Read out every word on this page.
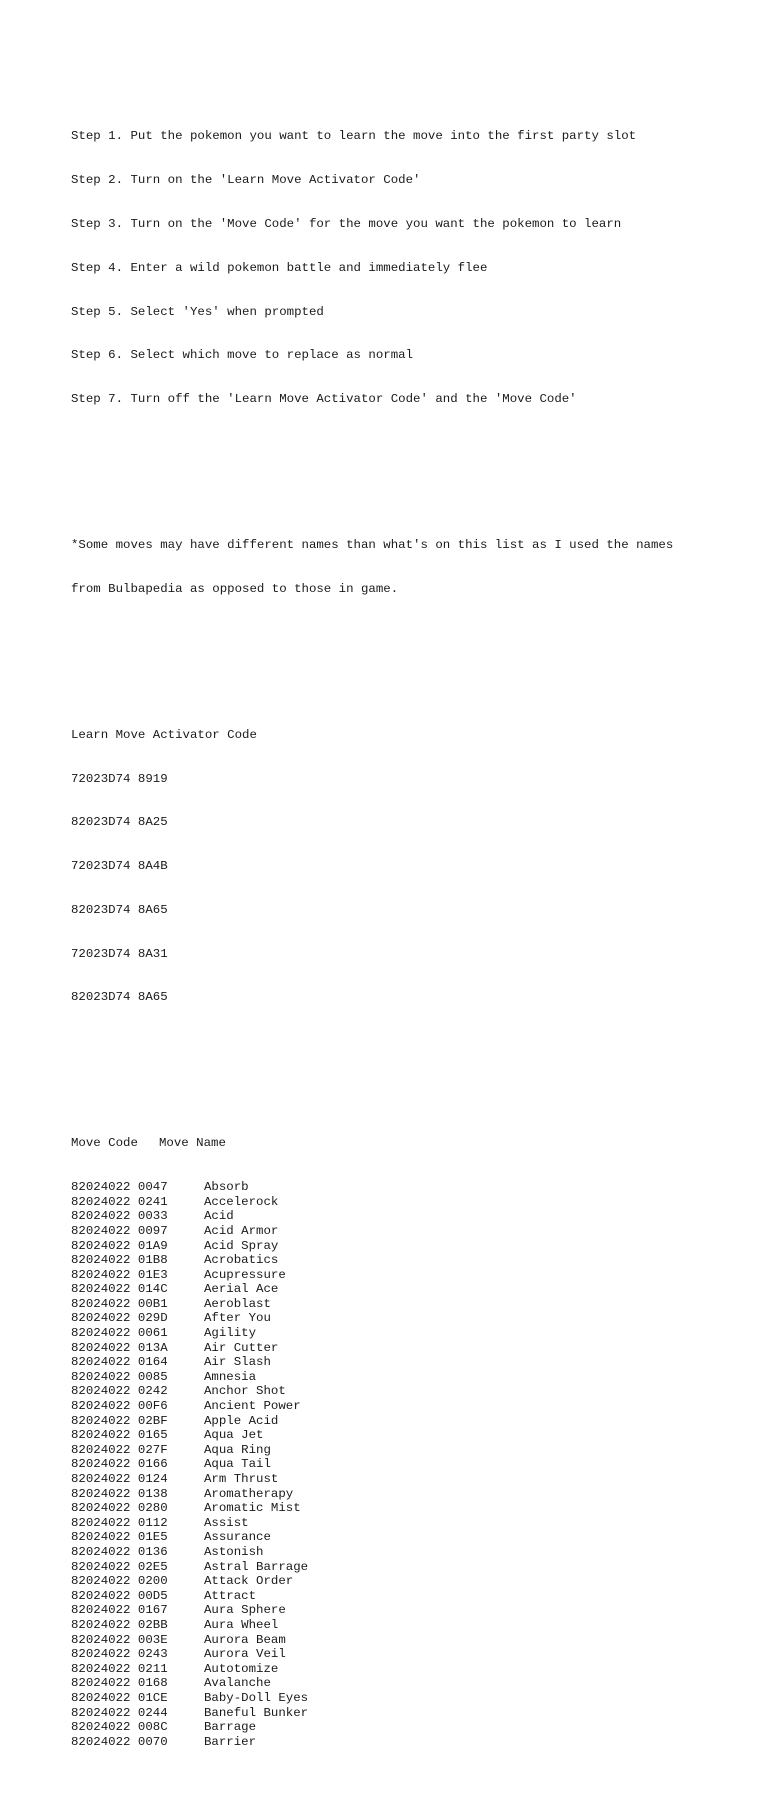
Step 1. Put the pokemon you want to learn the move into the first party slot

Step 2. Turn on the 'Learn Move Activator Code'

Step 3. Turn on the 'Move Code' for the move you want the pokemon to learn

Step 4. Enter a wild pokemon battle and immediately flee

Step 5. Select 'Yes' when prompted

Step 6. Select which move to replace as normal

Step 7. Turn off the 'Learn Move Activator Code' and the 'Move Code'

*Some moves may have different names than what's on this list as I used the names

from Bulbapedia as opposed to those in game.

Learn Move Activator Code

72023D74 8919

82023D74 8A25

72023D74 8A4B

82023D74 8A65

72023D74 8A31

82023D74 8A65

Move Code Move Name

82024022 0047	Absorb
82024022 0241	Accelerock
82024022 0033	Acid
82024022 0097	Acid Armor
82024022 01A9	Acid Spray
82024022 01B8	Acrobatics
82024022 01E3	Acupressure
82024022 014C	Aerial Ace
82024022 00B1	Aeroblast
82024022 029D	After You
82024022 0061	Agility
82024022 013A	Air Cutter
82024022 0164	Air Slash
82024022 0085	Amnesia
82024022 0242	Anchor Shot
82024022 00F6	Ancient Power
82024022 02BF	Apple Acid
82024022 0165	Aqua Jet
82024022 027F	Aqua Ring
82024022 0166	Aqua Tail
82024022 0124	Arm Thrust
82024022 0138	Aromatherapy
82024022 0280	Aromatic Mist
82024022 0112	Assist
82024022 01E5	Assurance
82024022 0136	Astonish
82024022 02E5	Astral Barrage
82024022 0200	Attack Order
82024022 00D5	Attract
82024022 0167	Aura Sphere
82024022 02BB	Aura Wheel
82024022 003E	Aurora Beam
82024022 0243	Aurora Veil
82024022 0211	Autotomize
82024022 0168	Avalanche
82024022 01CE	Baby-Doll Eyes
82024022 0244	Baneful Bunker
82024022 008C	Barrage
82024022 0070	Barrier
